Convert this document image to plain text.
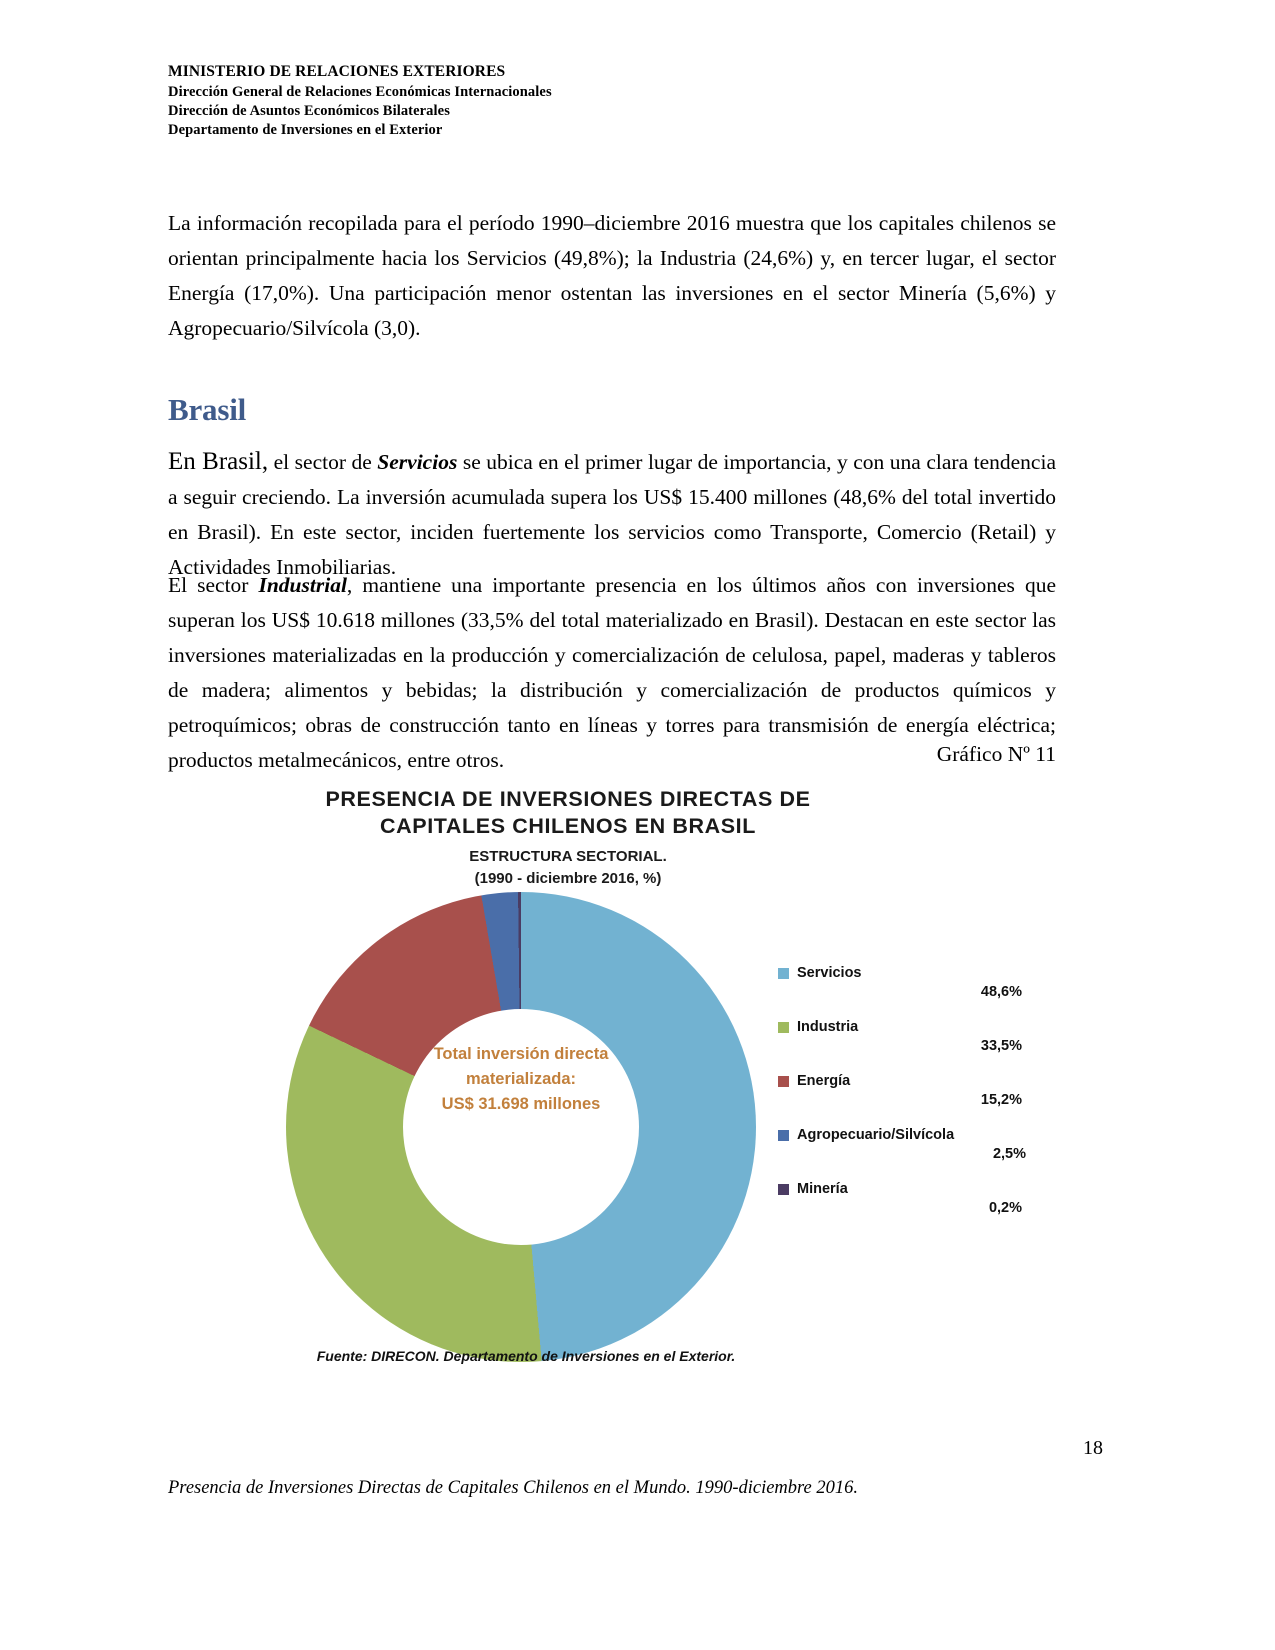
MINISTERIO DE RELACIONES EXTERIORES
Dirección General de Relaciones Económicas Internacionales
Dirección de Asuntos Económicos Bilaterales
Departamento de Inversiones en el Exterior

La información recopilada para el período 1990–diciembre 2016 muestra que los capitales chilenos se orientan principalmente hacia los Servicios (49,8%); la Industria (24,6%) y, en tercer lugar, el sector Energía (17,0%). Una participación menor ostentan las inversiones en el sector Minería (5,6%) y Agropecuario/Silvícola (3,0).

Brasil

En Brasil, el sector de Servicios se ubica en el primer lugar de importancia, y con una clara tendencia a seguir creciendo. La inversión acumulada supera los US$ 15.400 millones (48,6% del total invertido en Brasil). En este sector, inciden fuertemente los servicios como Transporte, Comercio (Retail) y Actividades Inmobiliarias.

El sector Industrial, mantiene una importante presencia en los últimos años con inversiones que superan los US$ 10.618 millones (33,5% del total materializado en Brasil). Destacan en este sector las inversiones materializadas en la producción y comercialización de celulosa, papel, maderas y tableros de madera; alimentos y bebidas; la distribución y comercialización de productos químicos y petroquímicos; obras de construcción tanto en líneas y torres para transmisión de energía eléctrica; productos metalmecánicos, entre otros.	Gráfico Nº 11
PRESENCIA DE INVERSIONES DIRECTAS DE
CAPITALES CHILENOS EN BRASIL
ESTRUCTURA SECTORIAL.
(1990 - diciembre 2016, %)
Total inversión directa
materializada:
US$ 31.698 millones
Servicios
48,6%
Industria
33,5%
Energía
15,2%
Agropecuario/Silvícola
2,5%
Minería
0,2%
Fuente: DIRECON. Departamento de Inversiones en el Exterior.
18
Presencia de Inversiones Directas de Capitales Chilenos en el Mundo. 1990-diciembre 2016.
